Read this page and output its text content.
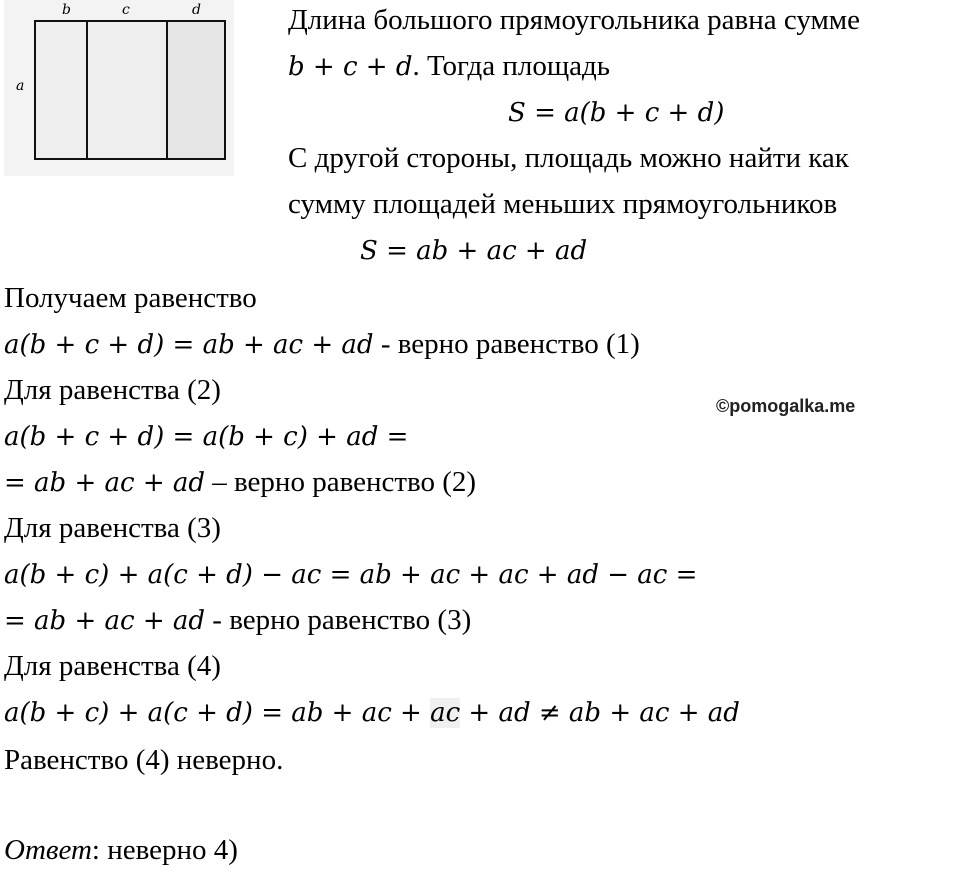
b	c	d
a
Длина большого прямоугольника равна сумме
b + c + d. Тогда площадь
S = a(b + c + d)
С другой стороны, площадь можно найти как
сумму площадей меньших прямоугольников
S = ab + ac + ad
Получаем равенство
a(b + c + d) = ab + ac + ad - верно равенство (1)
Для равенства (2)	©pomogalka.me
a(b + c + d) = a(b + c) + ad =
= ab + ac + ad – верно равенство (2)
Для равенства (3)
a(b + c) + a(c + d) − ac = ab + ac + ac + ad − ac =
= ab + ac + ad - верно равенство (3)
Для равенства (4)
a(b + c) + a(c + d) = ab + ac + ac + ad ≠ ab + ac + ad
Равенство (4) неверно.
Ответ: неверно 4)
